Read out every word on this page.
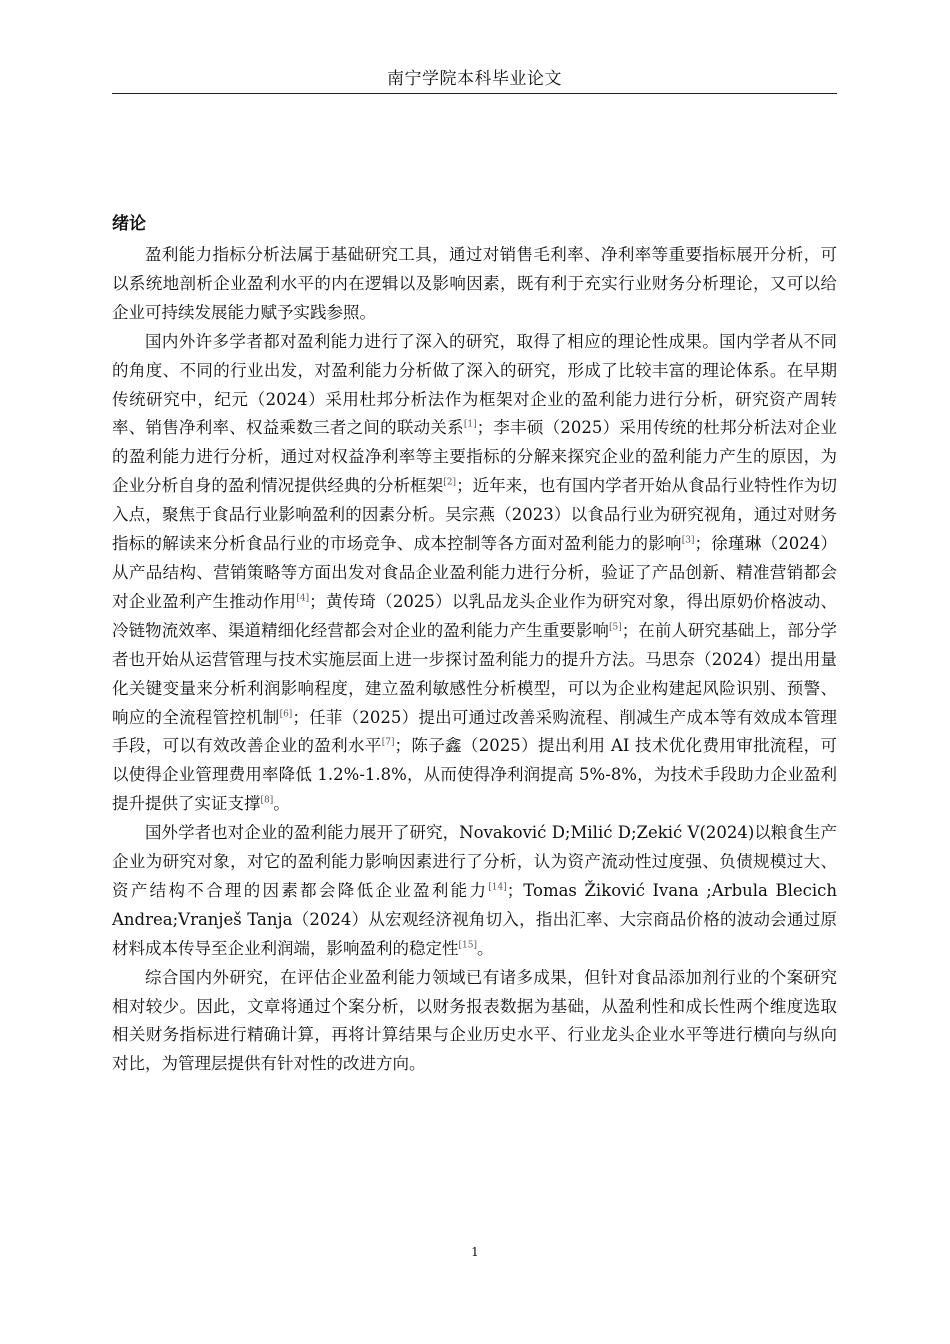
南宁学院本科毕业论文
绪论

盈利能力指标分析法属于基础研究工具，通过对销售毛利率、净利率等重要指标展开分析，可以系统地剖析企业盈利水平的内在逻辑以及影响因素，既有利于充实行业财务分析理论，又可以给企业可持续发展能力赋予实践参照。

国内外许多学者都对盈利能力进行了深入的研究，取得了相应的理论性成果。国内学者从不同的角度、不同的行业出发，对盈利能力分析做了深入的研究，形成了比较丰富的理论体系。在早期传统研究中，纪元（2024）采用杜邦分析法作为框架对企业的盈利能力进行分析，研究资产周转率、销售净利率、权益乘数三者之间的联动关系[1]；李丰硕（2025）采用传统的杜邦分析法对企业的盈利能力进行分析，通过对权益净利率等主要指标的分解来探究企业的盈利能力产生的原因，为企业分析自身的盈利情况提供经典的分析框架[2]；近年来，也有国内学者开始从食品行业特性作为切入点，聚焦于食品行业影响盈利的因素分析。吴宗燕（2023）以食品行业为研究视角，通过对财务指标的解读来分析食品行业的市场竞争、成本控制等各方面对盈利能力的影响[3]；徐瑾琳（2024）从产品结构、营销策略等方面出发对食品企业盈利能力进行分析，验证了产品创新、精准营销都会对企业盈利产生推动作用[4]；黄传琦（2025）以乳品龙头企业作为研究对象，得出原奶价格波动、冷链物流效率、渠道精细化经营都会对企业的盈利能力产生重要影响[5]；在前人研究基础上，部分学者也开始从运营管理与技术实施层面上进一步探讨盈利能力的提升方法。马思奈（2024）提出用量化关键变量来分析利润影响程度，建立盈利敏感性分析模型，可以为企业构建起风险识别、预警、响应的全流程管控机制[6]；任菲（2025）提出可通过改善采购流程、削减生产成本等有效成本管理手段，可以有效改善企业的盈利水平[7]；陈子鑫（2025）提出利用 AI 技术优化费用审批流程，可以使得企业管理费用率降低 1.2%-1.8%，从而使得净利润提高 5%-8%，为技术手段助力企业盈利提升提供了实证支撑[8]。

国外学者也对企业的盈利能力展开了研究，Novaković D;Milić D;Zekić V(2024)以粮食生产企业为研究对象，对它的盈利能力影响因素进行了分析，认为资产流动性过度强、负债规模过大、资产结构不合理的因素都会降低企业盈利能力[14]；Tomas Žiković Ivana ;Arbula Blecich Andrea;Vranješ Tanja（2024）从宏观经济视角切入，指出汇率、大宗商品价格的波动会通过原材料成本传导至企业利润端，影响盈利的稳定性[15]。

综合国内外研究，在评估企业盈利能力领域已有诸多成果，但针对食品添加剂行业的个案研究相对较少。因此，文章将通过个案分析，以财务报表数据为基础，从盈利性和成长性两个维度选取相关财务指标进行精确计算，再将计算结果与企业历史水平、行业龙头企业水平等进行横向与纵向对比，为管理层提供有针对性的改进方向。

1
